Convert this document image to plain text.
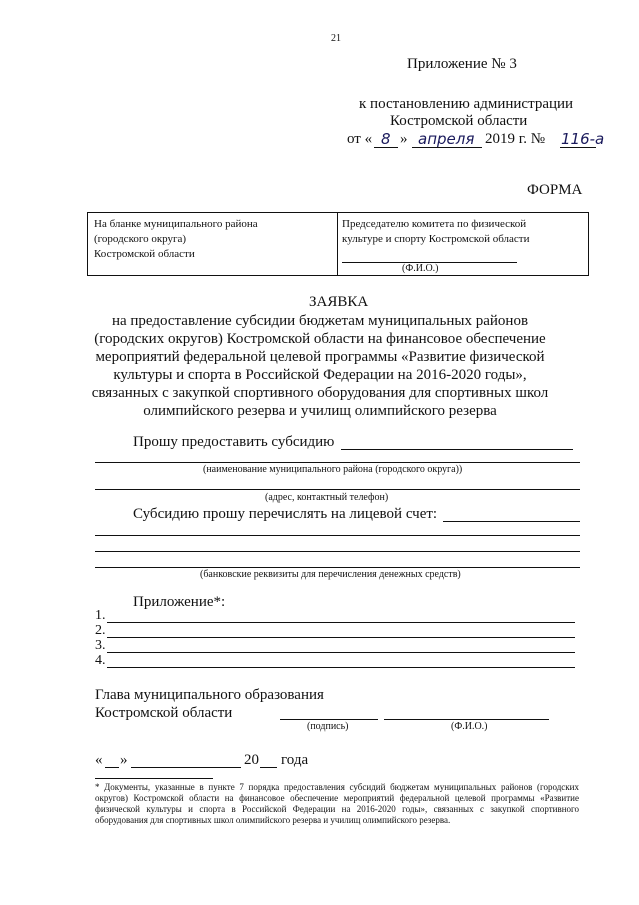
21
Приложение № 3
к постановлению администрации
Костромской области
от « 8 » апреля 2019 г. № 116-а
ФОРМА
На бланке муниципального района
(городского округа)
Костромской области
Председателю комитета по физической
культуре и спорту Костромской области
(Ф.И.О.)
ЗАЯВКА
на предоставление субсидии бюджетам муниципальных районов
(городских округов) Костромской области на финансовое обеспечение
мероприятий федеральной целевой программы «Развитие физической
культуры и спорта в Российской Федерации на 2016-2020 годы»,
связанных с закупкой спортивного оборудования для спортивных школ
олимпийского резерва и училищ олимпийского резерва
Прошу предоставить субсидию
(наименование муниципального района (городского округа))
(адрес, контактный телефон)
Субсидию прошу перечислять на лицевой счет:
(банковские реквизиты для перечисления денежных средств)
Приложение*:
1.
2.
3.
4.
Глава муниципального образования
Костромской области
(подпись)	(Ф.И.О.)
« »	20 года
* Документы, указанные в пункте 7 порядка предоставления субсидий бюджетам муниципальных районов (городских округов) Костромской области на финансовое обеспечение мероприятий федеральной целевой программы «Развитие физической культуры и спорта в Российской Федерации на 2016-2020 годы», связанных с закупкой спортивного оборудования для спортивных школ олимпийского резерва и училищ олимпийского резерва.
